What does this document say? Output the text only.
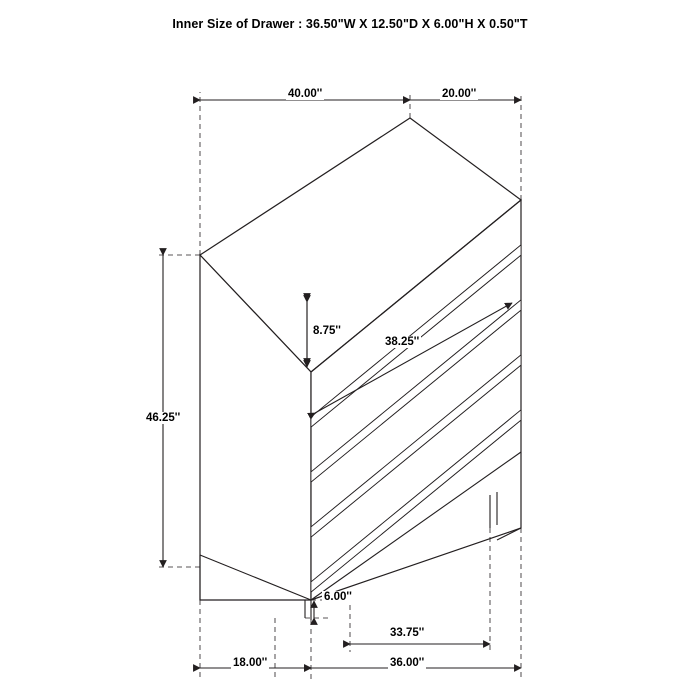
Inner Size of Drawer : 36.50"W X 12.50"D X 6.00"H X 0.50"T
40.00''	20.00''
8.75''
38.25''
46.25''
6.00''
18.00''
33.75''
36.00''
